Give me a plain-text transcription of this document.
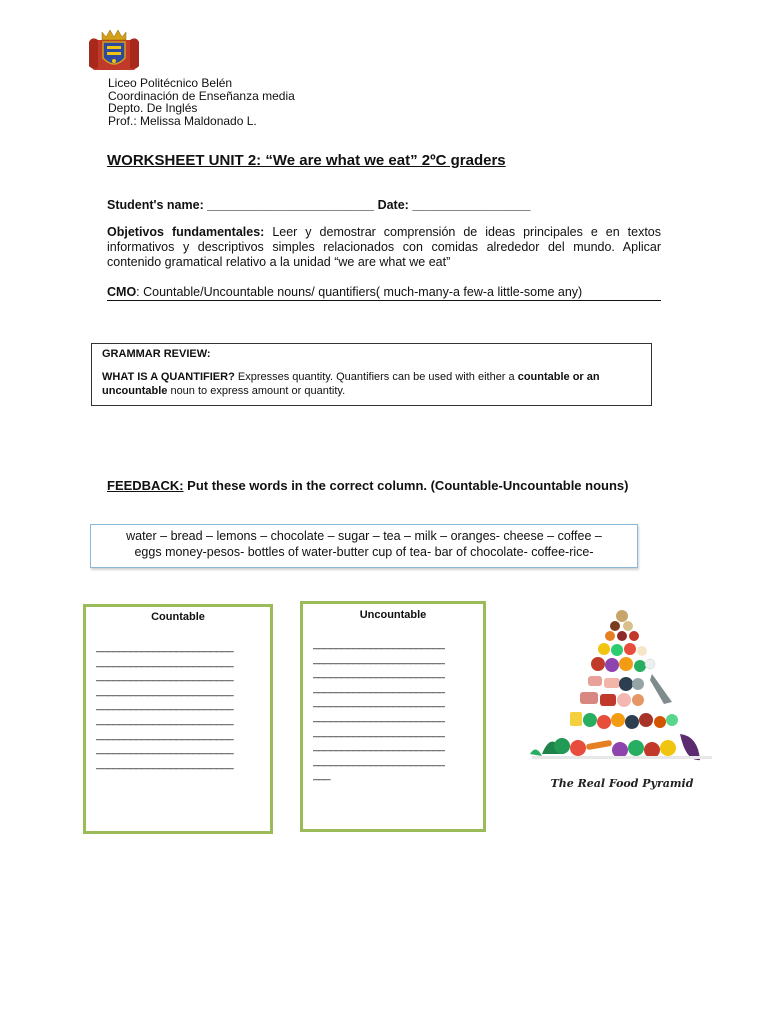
Liceo Politécnico Belén
Coordinación de Enseñanza media
Depto. De Inglés
Prof.: Melissa Maldonado L.
WORKSHEET UNIT 2: “We are what we eat” 2ºC graders
Student's name: ________________________ Date: _________________
Objetivos fundamentales: Leer y demostrar comprensión de ideas principales e en textos informativos y descriptivos simples relacionados con comidas alrededor del mundo. Aplicar contenido gramatical relativo a la unidad “we are what we eat”
CMO: Countable/Uncountable nouns/ quantifiers( much-many-a few-a little-some any)
GRAMMAR REVIEW:
WHAT IS A QUANTIFIER? Expresses quantity. Quantifiers can be used with either a countable or an uncountable noun to express amount or quantity.
FEEDBACK: Put these words in the correct column. (Countable-Uncountable nouns)
water – bread – lemons – chocolate – sugar – tea – milk – oranges- cheese – coffee –
eggs money-pesos- bottles of water-butter cup of tea- bar of chocolate- coffee-rice-
Countable
________________________
________________________
________________________
________________________
________________________
________________________
________________________
________________________
________________________
Uncountable
_______________________
_______________________
_______________________
_______________________
_______________________
_______________________
_______________________
_______________________
_______________________
___
The Real Food Pyramid
